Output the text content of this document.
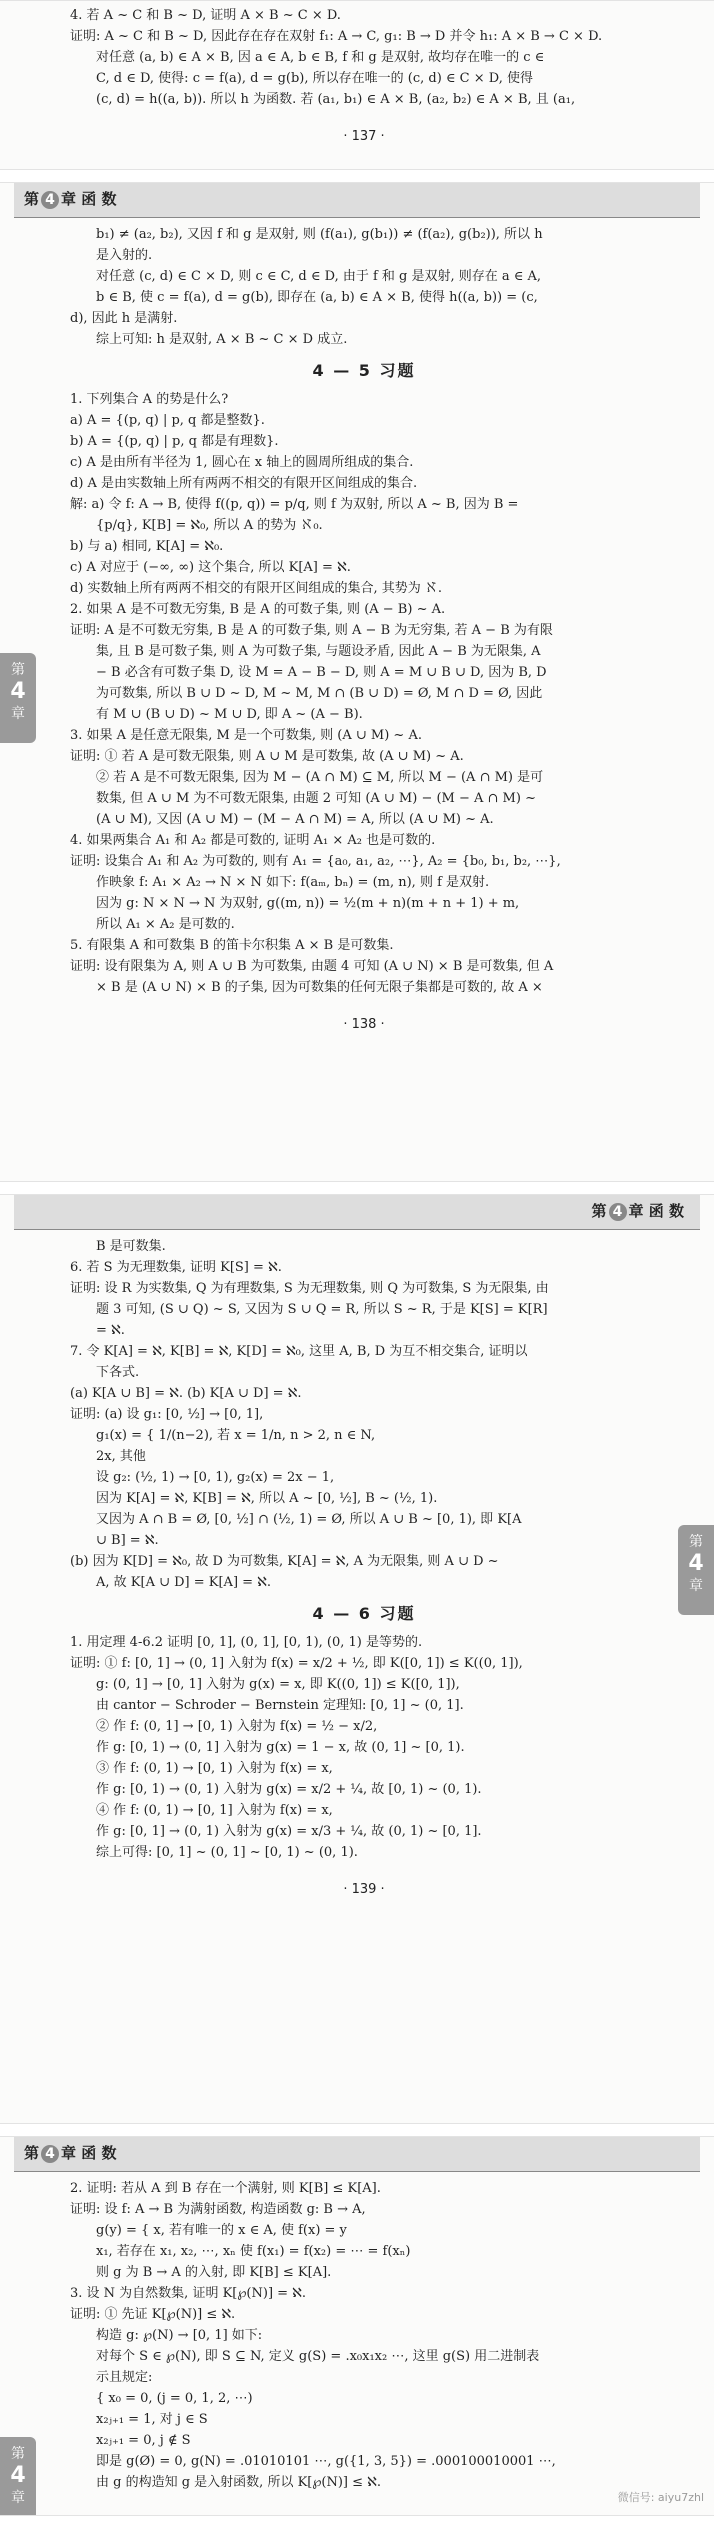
4. 若 A ~ C 和 B ~ D, 证明 A × B ~ C × D.

证明: A ~ C 和 B ~ D, 因此存在存在双射 f₁: A → C, g₁: B → D 并令 h₁: A × B → C × D.

对任意 (a, b) ∈ A × B, 因 a ∈ A, b ∈ B, f 和 g 是双射, 故均存在唯一的 c ∈

C, d ∈ D, 使得: c = f(a), d = g(b), 所以存在唯一的 (c, d) ∈ C × D, 使得

(c, d) = h((a, b)). 所以 h 为函数. 若 (a₁, b₁) ∈ A × B, (a₂, b₂) ∈ A × B, 且 (a₁,

· 137 ·
第 4 章 函 数
第
4
章

b₁) ≠ (a₂, b₂), 又因 f 和 g 是双射, 则 (f(a₁), g(b₁)) ≠ (f(a₂), g(b₂)), 所以 h

是入射的.

对任意 (c, d) ∈ C × D, 则 c ∈ C, d ∈ D, 由于 f 和 g 是双射, 则存在 a ∈ A,

b ∈ B, 使 c = f(a), d = g(b), 即存在 (a, b) ∈ A × B, 使得 h((a, b)) = (c,

d), 因此 h 是满射.

综上可知: h 是双射, A × B ~ C × D 成立.

4 — 5 习题

1. 下列集合 A 的势是什么?

a) A = {(p, q) | p, q 都是整数}.

b) A = {(p, q) | p, q 都是有理数}.

c) A 是由所有半径为 1, 圆心在 x 轴上的圆周所组成的集合.

d) A 是由实数轴上所有两两不相交的有限开区间组成的集合.

解: a) 令 f: A → B, 使得 f((p, q)) = p/q, 则 f 为双射, 所以 A ~ B, 因为 B =

{p/q}, K[B] = ℵ₀, 所以 A 的势为 ℵ₀.

b) 与 a) 相同, K[A] = ℵ₀.

c) A 对应于 (−∞, ∞) 这个集合, 所以 K[A] = ℵ.

d) 实数轴上所有两两不相交的有限开区间组成的集合, 其势为 ℵ.

2. 如果 A 是不可数无穷集, B 是 A 的可数子集, 则 (A − B) ~ A.

证明: A 是不可数无穷集, B 是 A 的可数子集, 则 A − B 为无穷集, 若 A − B 为有限

集, 且 B 是可数子集, 则 A 为可数子集, 与题设矛盾, 因此 A − B 为无限集, A

− B 必含有可数子集 D, 设 M = A − B − D, 则 A = M ∪ B ∪ D, 因为 B, D

为可数集, 所以 B ∪ D ~ D, M ~ M, M ∩ (B ∪ D) = Ø, M ∩ D = Ø, 因此

有 M ∪ (B ∪ D) ~ M ∪ D, 即 A ~ (A − B).

3. 如果 A 是任意无限集, M 是一个可数集, 则 (A ∪ M) ~ A.

证明: ① 若 A 是可数无限集, 则 A ∪ M 是可数集, 故 (A ∪ M) ~ A.

② 若 A 是不可数无限集, 因为 M − (A ∩ M) ⊆ M, 所以 M − (A ∩ M) 是可

数集, 但 A ∪ M 为不可数无限集, 由题 2 可知 (A ∪ M) − (M − A ∩ M) ~

(A ∪ M), 又因 (A ∪ M) − (M − A ∩ M) = A, 所以 (A ∪ M) ~ A.

4. 如果两集合 A₁ 和 A₂ 都是可数的, 证明 A₁ × A₂ 也是可数的.

证明: 设集合 A₁ 和 A₂ 为可数的, 则有 A₁ = {a₀, a₁, a₂, ⋯}, A₂ = {b₀, b₁, b₂, ⋯},

作映象 f: A₁ × A₂ → N × N 如下: f(aₘ, bₙ) = (m, n), 则 f 是双射.

因为 g: N × N → N 为双射, g((m, n)) = ½(m + n)(m + n + 1) + m,

所以 A₁ × A₂ 是可数的.

5. 有限集 A 和可数集 B 的笛卡尔积集 A × B 是可数集.

证明: 设有限集为 A, 则 A ∪ B 为可数集, 由题 4 可知 (A ∪ N) × B 是可数集, 但 A

× B 是 (A ∪ N) × B 的子集, 因为可数集的任何无限子集都是可数的, 故 A ×

· 138 ·
第 4 章 函 数
第
4
章

B 是可数集.

6. 若 S 为无理数集, 证明 K[S] = ℵ.

证明: 设 R 为实数集, Q 为有理数集, S 为无理数集, 则 Q 为可数集, S 为无限集, 由

题 3 可知, (S ∪ Q) ~ S, 又因为 S ∪ Q = R, 所以 S ~ R, 于是 K[S] = K[R]

= ℵ.

7. 令 K[A] = ℵ, K[B] = ℵ, K[D] = ℵ₀, 这里 A, B, D 为互不相交集合, 证明以

下各式.

(a) K[A ∪ B] = ℵ. (b) K[A ∪ D] = ℵ.

证明: (a) 设 g₁: [0, ½] → [0, 1],

g₁(x) = { 1/(n−2), 若 x = 1/n, n > 2, n ∈ N,

2x, 其他

设 g₂: (½, 1) → [0, 1), g₂(x) = 2x − 1,

因为 K[A] = ℵ, K[B] = ℵ, 所以 A ~ [0, ½], B ~ (½, 1).

又因为 A ∩ B = Ø, [0, ½] ∩ (½, 1) = Ø, 所以 A ∪ B ~ [0, 1), 即 K[A

∪ B] = ℵ.

(b) 因为 K[D] = ℵ₀, 故 D 为可数集, K[A] = ℵ, A 为无限集, 则 A ∪ D ~

A, 故 K[A ∪ D] = K[A] = ℵ.

4 — 6 习题

1. 用定理 4-6.2 证明 [0, 1], (0, 1], [0, 1), (0, 1) 是等势的.

证明: ① f: [0, 1] → (0, 1] 入射为 f(x) = x/2 + ½, 即 K([0, 1]) ≤ K((0, 1]),

g: (0, 1] → [0, 1] 入射为 g(x) = x, 即 K((0, 1]) ≤ K([0, 1]),

由 cantor − Schroder − Bernstein 定理知: [0, 1] ~ (0, 1].

② 作 f: (0, 1] → [0, 1) 入射为 f(x) = ½ − x/2,

作 g: [0, 1) → (0, 1] 入射为 g(x) = 1 − x, 故 (0, 1] ~ [0, 1).

③ 作 f: (0, 1) → [0, 1) 入射为 f(x) = x,

作 g: [0, 1) → (0, 1) 入射为 g(x) = x/2 + ¼, 故 [0, 1) ~ (0, 1).

④ 作 f: (0, 1) → [0, 1] 入射为 f(x) = x,

作 g: [0, 1] → (0, 1) 入射为 g(x) = x/3 + ¼, 故 (0, 1) ~ [0, 1].

综上可得: [0, 1] ~ (0, 1] ~ [0, 1) ~ (0, 1).

· 139 ·
第 4 章 函 数
第
4
章

2. 证明: 若从 A 到 B 存在一个满射, 则 K[B] ≤ K[A].

证明: 设 f: A → B 为满射函数, 构造函数 g: B → A,

g(y) = { x, 若有唯一的 x ∈ A, 使 f(x) = y

x₁, 若存在 x₁, x₂, ⋯, xₙ 使 f(x₁) = f(x₂) = ⋯ = f(xₙ)

则 g 为 B → A 的入射, 即 K[B] ≤ K[A].

3. 设 N 为自然数集, 证明 K[℘(N)] = ℵ.

证明: ① 先证 K[℘(N)] ≤ ℵ.

构造 g: ℘(N) → [0, 1] 如下:

对每个 S ∈ ℘(N), 即 S ⊆ N, 定义 g(S) = .x₀x₁x₂ ⋯, 这里 g(S) 用二进制表

示且规定:

{ x₀ = 0, (j = 0, 1, 2, ⋯)

x₂ⱼ₊₁ = 1, 对 j ∈ S

x₂ⱼ₊₁ = 0, j ∉ S

即是 g(Ø) = 0, g(N) = .01010101 ⋯, g({1, 3, 5}) = .000100010001 ⋯,

由 g 的构造知 g 是入射函数, 所以 K[℘(N)] ≤ ℵ.

微信号: aiyu7zhl
